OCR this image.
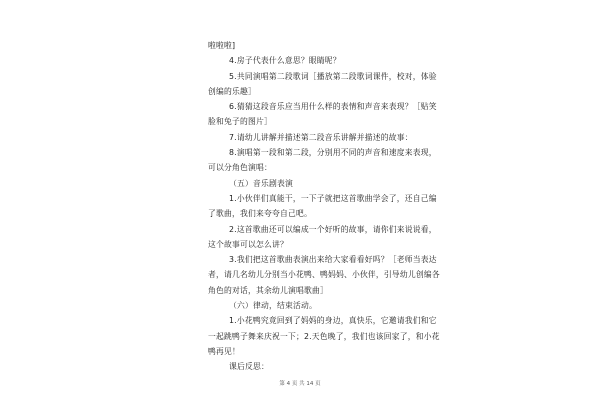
啦啦啦]

4.房子代表什么意思？眼睛呢？

5.共同演唱第二段歌词［播放第二段歌词课件，校对，体验创编的乐趣］

6.猜猜这段音乐应当用什么样的表情和声音来表现？［贴笑脸和兔子的图片］

7.请幼儿讲解并描述第二段音乐讲解并描述的故事：

8.演唱第一段和第二段，分别用不同的声音和速度来表现，可以分角色演唱：

（五）音乐剧表演

1.小伙伴们真能干，一下子就把这首歌曲学会了，还自己编了歌曲，我们来夸夸自己吧。

2.这首歌曲还可以编成一个好听的故事，请你们来说说看，这个故事可以怎么讲？

3.我们把这首歌曲表演出来给大家看看好吗？［老师当表达者，请几名幼儿分别当小花鸭、鸭妈妈、小伙伴，引导幼儿创编各角色的对话，其余幼儿演唱歌曲］

（六）律动，结束活动。

1.小花鸭究竟回到了妈妈的身边，真快乐，它邀请我们和它一起跳鸭子舞来庆祝一下；2.天色晚了，我们也该回家了，和小花鸭再见！

课后反思：

第 4 页 共 14 页
